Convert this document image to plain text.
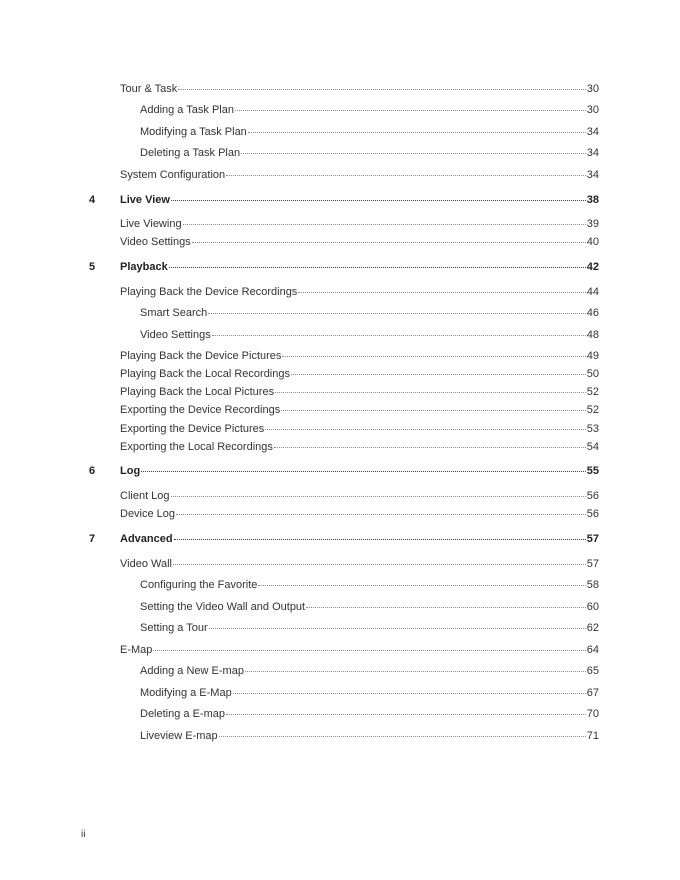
Tour & Task	30
Adding a Task Plan	30
Modifying a Task Plan	34
Deleting a Task Plan	34
System Configuration	34
4 Live View	38
Live Viewing	39
Video Settings	40
5 Playback	42
Playing Back the Device Recordings	44
Smart Search	46
Video Settings	48
Playing Back the Device Pictures	49
Playing Back the Local Recordings	50
Playing Back the Local Pictures	52
Exporting the Device Recordings	52
Exporting the Device Pictures	53
Exporting the Local Recordings	54
6 Log	55
Client Log	56
Device Log	56
7 Advanced	57
Video Wall	57
Configuring the Favorite	58
Setting the Video Wall and Output	60
Setting a Tour	62
E-Map	64
Adding a New E-map	65
Modifying a E-Map	67
Deleting a E-map	70
Liveview E-map	71
ii
